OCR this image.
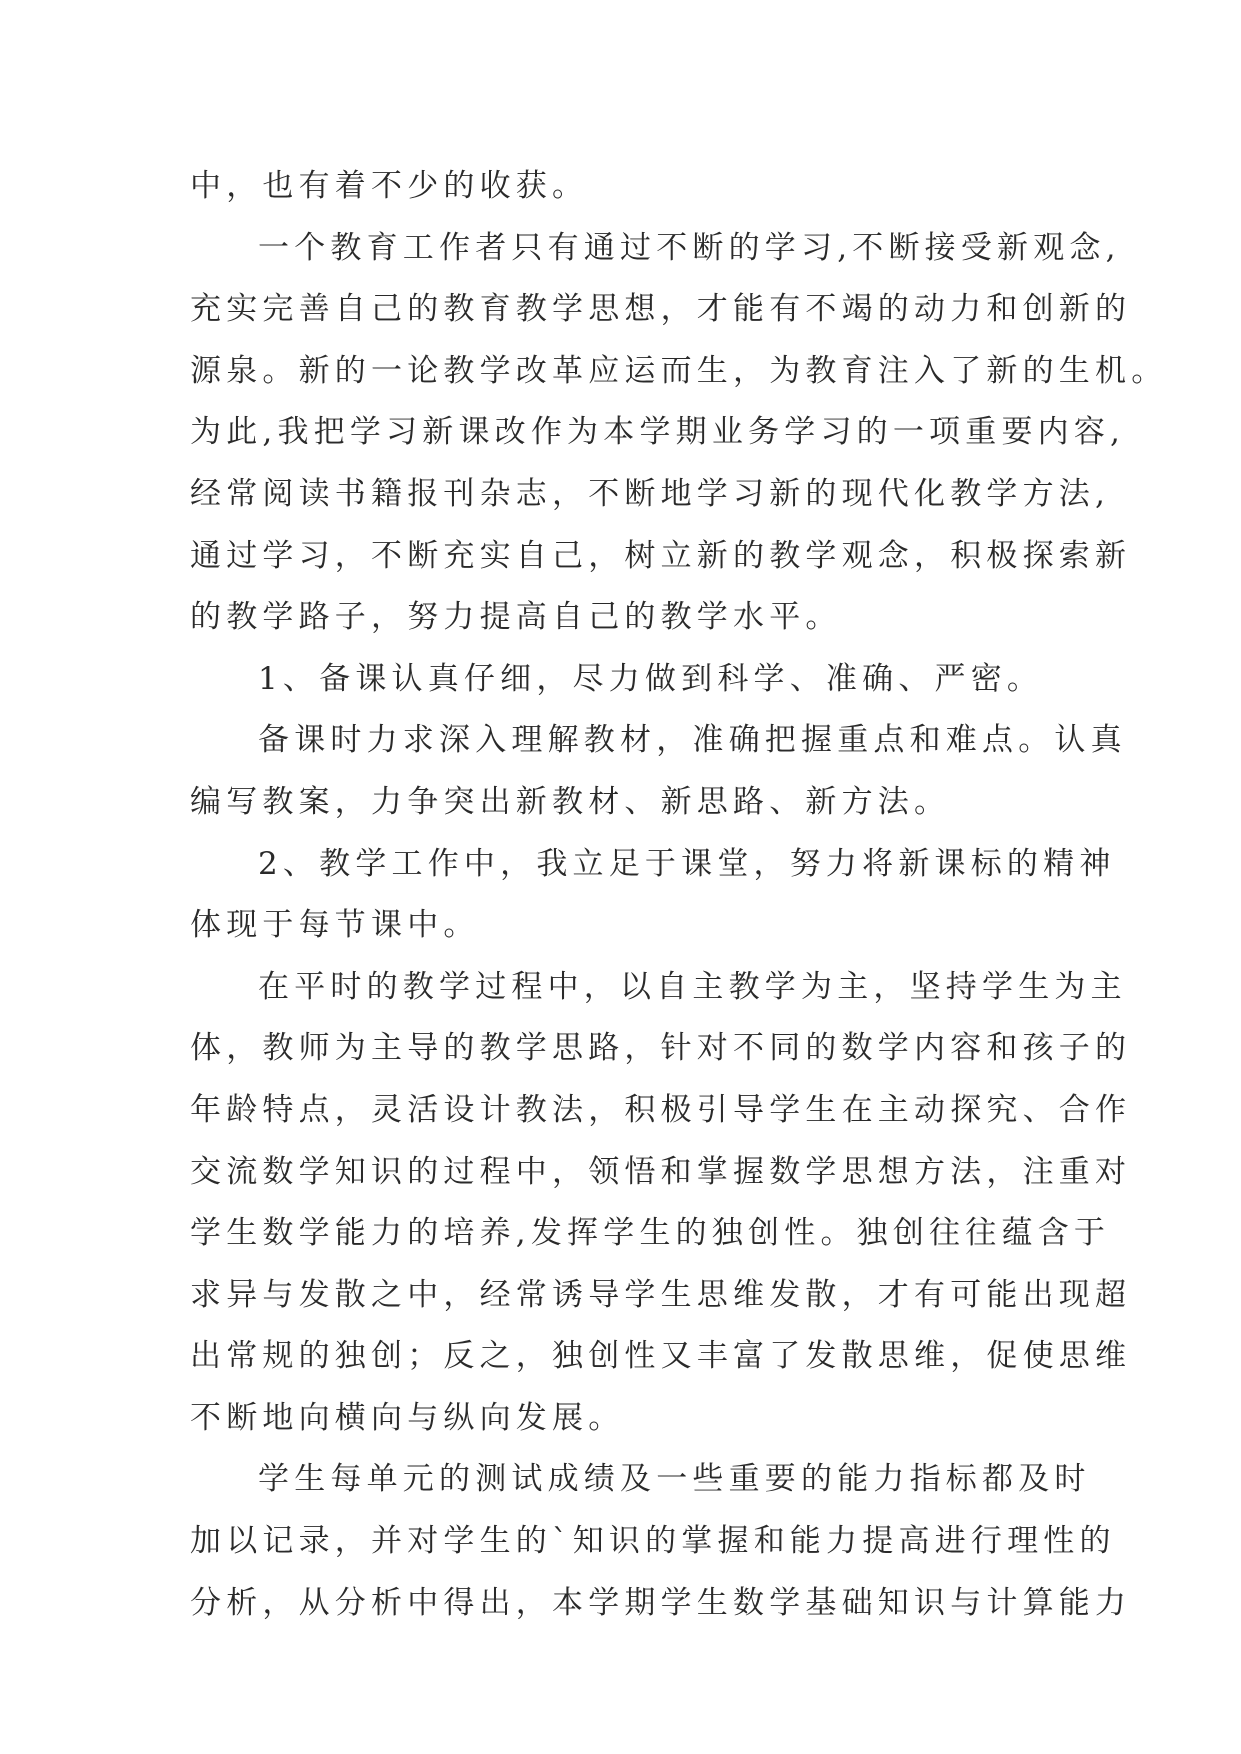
中，也有着不少的收获。
一个教育工作者只有通过不断的学习,不断接受新观念,
充实完善自己的教育教学思想，才能有不竭的动力和创新的
源泉。新的一论教学改革应运而生，为教育注入了新的生机。
为此,我把学习新课改作为本学期业务学习的一项重要内容,
经常阅读书籍报刊杂志，不断地学习新的现代化教学方法,
通过学习，不断充实自己，树立新的教学观念，积极探索新
的教学路子，努力提高自己的教学水平。
1、备课认真仔细，尽力做到科学、准确、严密。
备课时力求深入理解教材，准确把握重点和难点。认真
编写教案，力争突出新教材、新思路、新方法。
2、教学工作中，我立足于课堂，努力将新课标的精神
体现于每节课中。
在平时的教学过程中，以自主教学为主，坚持学生为主
体，教师为主导的教学思路，针对不同的数学内容和孩子的
年龄特点，灵活设计教法，积极引导学生在主动探究、合作
交流数学知识的过程中，领悟和掌握数学思想方法，注重对
学生数学能力的培养,发挥学生的独创性。独创往往蕴含于
求异与发散之中，经常诱导学生思维发散，才有可能出现超
出常规的独创；反之，独创性又丰富了发散思维，促使思维
不断地向横向与纵向发展。
学生每单元的测试成绩及一些重要的能力指标都及时
加以记录，并对学生的`知识的掌握和能力提高进行理性的
分析，从分析中得出，本学期学生数学基础知识与计算能力
